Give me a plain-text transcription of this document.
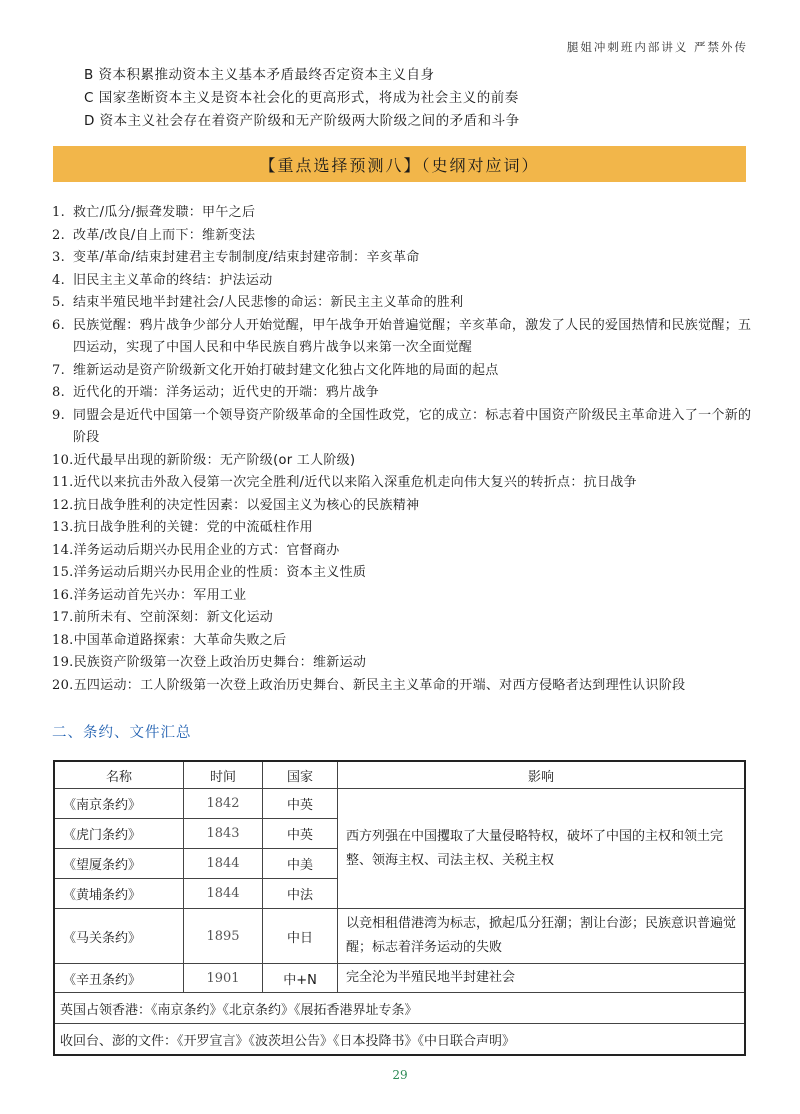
腿姐冲刺班内部讲义 严禁外传
B 资本积累推动资本主义基本矛盾最终否定资本主义自身
C 国家垄断资本主义是资本社会化的更高形式，将成为社会主义的前奏
D 资本主义社会存在着资产阶级和无产阶级两大阶级之间的矛盾和斗争
【重点选择预测八】（史纲对应词）
1. 救亡/瓜分/振聋发聩：甲午之后
2. 改革/改良/自上而下：维新变法
3. 变革/革命/结束封建君主专制制度/结束封建帝制：辛亥革命
4. 旧民主主义革命的终结：护法运动
5. 结束半殖民地半封建社会/人民悲惨的命运：新民主主义革命的胜利
6. 民族觉醒：鸦片战争少部分人开始觉醒，甲午战争开始普遍觉醒；辛亥革命，激发了人民的爱国热情和民族觉醒；五四运动，实现了中国人民和中华民族自鸦片战争以来第一次全面觉醒
7. 维新运动是资产阶级新文化开始打破封建文化独占文化阵地的局面的起点
8. 近代化的开端：洋务运动；近代史的开端：鸦片战争
9. 同盟会是近代中国第一个领导资产阶级革命的全国性政党，它的成立：标志着中国资产阶级民主革命进入了一个新的阶段
10. 近代最早出现的新阶级：无产阶级(or 工人阶级)
11. 近代以来抗击外敌入侵第一次完全胜利/近代以来陷入深重危机走向伟大复兴的转折点：抗日战争
12. 抗日战争胜利的决定性因素：以爱国主义为核心的民族精神
13. 抗日战争胜利的关键：党的中流砥柱作用
14. 洋务运动后期兴办民用企业的方式：官督商办
15. 洋务运动后期兴办民用企业的性质：资本主义性质
16. 洋务运动首先兴办：军用工业
17. 前所未有、空前深刻：新文化运动
18. 中国革命道路探索：大革命失败之后
19. 民族资产阶级第一次登上政治历史舞台：维新运动
20. 五四运动：工人阶级第一次登上政治历史舞台、新民主主义革命的开端、对西方侵略者达到理性认识阶段
二、条约、文件汇总
名称	时间	国家	影响
《南京条约》	1842	中英	西方列强在中国攫取了大量侵略特权，破坏了中国的主权和领土完整、领海主权、司法主权、关税主权
《虎门条约》	1843	中英	
《望厦条约》	1844	中美	
《黄埔条约》	1844	中法	
《马关条约》	1895	中日	以竞相租借港湾为标志，掀起瓜分狂潮；割让台澎；民族意识普遍觉醒；标志着洋务运动的失败
《辛丑条约》	1901	中+N	完全沦为半殖民地半封建社会
英国占领香港：《南京条约》《北京条约》《展拓香港界址专条》			
收回台、澎的文件：《开罗宣言》《波茨坦公告》《日本投降书》《中日联合声明》			
29
